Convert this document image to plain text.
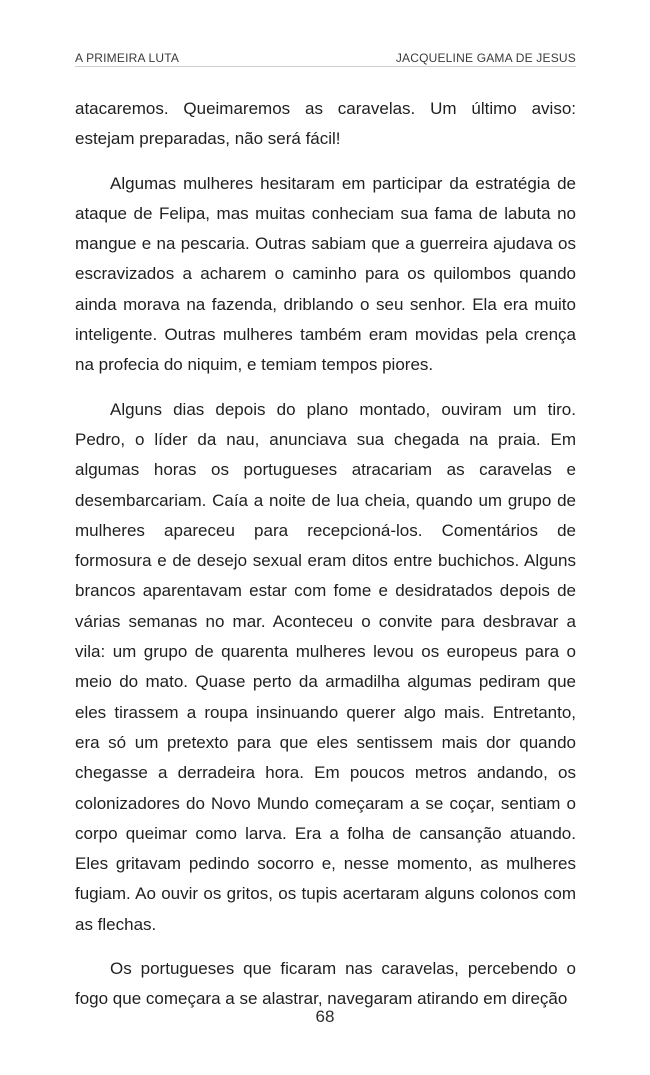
A PRIMEIRA LUTA	JACQUELINE GAMA DE JESUS

atacaremos. Queimaremos as caravelas. Um último aviso: estejam preparadas, não será fácil!

Algumas mulheres hesitaram em participar da estratégia de ataque de Felipa, mas muitas conheciam sua fama de labuta no mangue e na pescaria. Outras sabiam que a guerreira ajudava os escravizados a acharem o caminho para os quilombos quando ainda morava na fazenda, driblando o seu senhor. Ela era muito inteligente. Outras mulheres também eram movidas pela crença na profecia do niquim, e temiam tempos piores.

Alguns dias depois do plano montado, ouviram um tiro. Pedro, o líder da nau, anunciava sua chegada na praia. Em algumas horas os portugueses atracariam as caravelas e desembarcariam. Caía a noite de lua cheia, quando um grupo de mulheres apareceu para recepcioná-los. Comentários de formosura e de desejo sexual eram ditos entre buchichos. Alguns brancos aparentavam estar com fome e desidratados depois de várias semanas no mar. Aconteceu o convite para desbravar a vila: um grupo de quarenta mulheres levou os europeus para o meio do mato. Quase perto da armadilha algumas pediram que eles tirassem a roupa insinuando querer algo mais. Entretanto, era só um pretexto para que eles sentissem mais dor quando chegasse a derradeira hora. Em poucos metros andando, os colonizadores do Novo Mundo começaram a se coçar, sentiam o corpo queimar como larva. Era a folha de cansanção atuando. Eles gritavam pedindo socorro e, nesse momento, as mulheres fugiam. Ao ouvir os gritos, os tupis acertaram alguns colonos com as flechas.

Os portugueses que ficaram nas caravelas, percebendo o fogo que começara a se alastrar, navegaram atirando em direção

68
